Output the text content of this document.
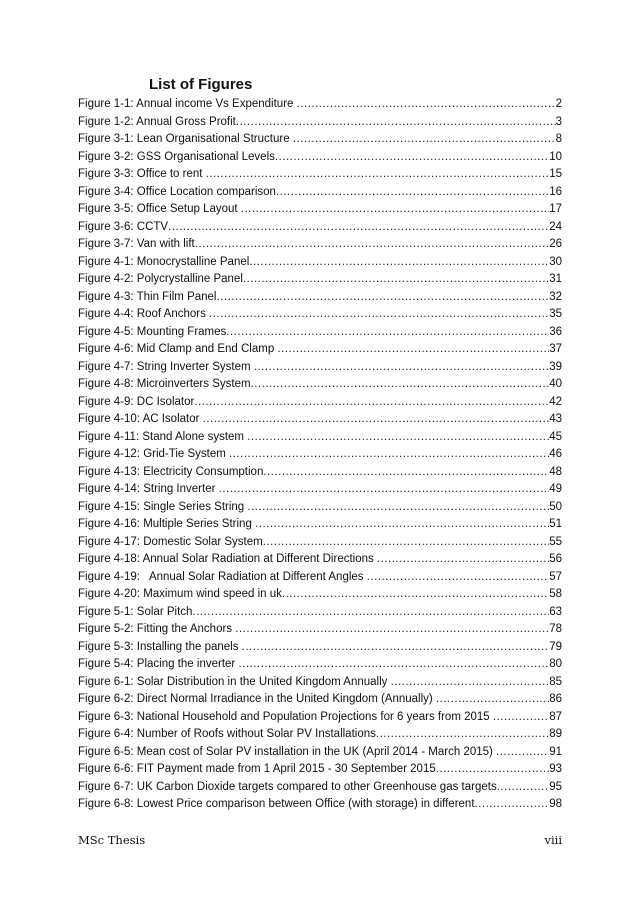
List of Figures
Figure 1-1: Annual income Vs Expenditure .....	2
Figure 1-2: Annual Gross Profit .....	3
Figure 3-1: Lean Organisational Structure .....	8
Figure 3-2: GSS Organisational Levels .....	10
Figure 3-3: Office to rent .....	15
Figure 3-4: Office Location comparison .....	16
Figure 3-5: Office Setup Layout .....	17
Figure 3-6: CCTV .....	24
Figure 3-7: Van with lift .....	26
Figure 4-1: Monocrystalline Panel .....	30
Figure 4-2: Polycrystalline Panel .....	31
Figure 4-3: Thin Film Panel .....	32
Figure 4-4: Roof Anchors .....	35
Figure 4-5: Mounting Frames .....	36
Figure 4-6: Mid Clamp and End Clamp .....	37
Figure 4-7: String Inverter System .....	39
Figure 4-8: Microinverters System .....	40
Figure 4-9: DC Isolator .....	42
Figure 4-10: AC Isolator .....	43
Figure 4-11: Stand Alone system .....	45
Figure 4-12: Grid-Tie System .....	46
Figure 4-13: Electricity Consumption .....	48
Figure 4-14: String Inverter .....	49
Figure 4-15: Single Series String .....	50
Figure 4-16: Multiple Series String .....	51
Figure 4-17: Domestic Solar System .....	55
Figure 4-18: Annual Solar Radiation at Different Directions .....	56
Figure 4-19:   Annual Solar Radiation at Different Angles .....	57
Figure 4-20: Maximum wind speed in uk .....	58
Figure 5-1: Solar Pitch .....	63
Figure 5-2: Fitting the Anchors .....	78
Figure 5-3: Installing the panels .....	79
Figure 5-4: Placing the inverter .....	80
Figure 6-1: Solar Distribution in the United Kingdom Annually .....	85
Figure 6-2: Direct Normal Irradiance in the United Kingdom (Annually) .....	86
Figure 6-3: National Household and Population Projections for 6 years from 2015 .....	87
Figure 6-4: Number of Roofs without Solar PV Installations .....	89
Figure 6-5: Mean cost of Solar PV installation in the UK (April 2014 - March 2015) .....	91
Figure 6-6: FIT Payment made from 1 April 2015 - 30 September 2015 .....	93
Figure 6-7: UK Carbon Dioxide targets compared to other Greenhouse gas targets .....	95
Figure 6-8: Lowest Price comparison between Office (with storage) in different .....	98

MSc Thesis	viii
